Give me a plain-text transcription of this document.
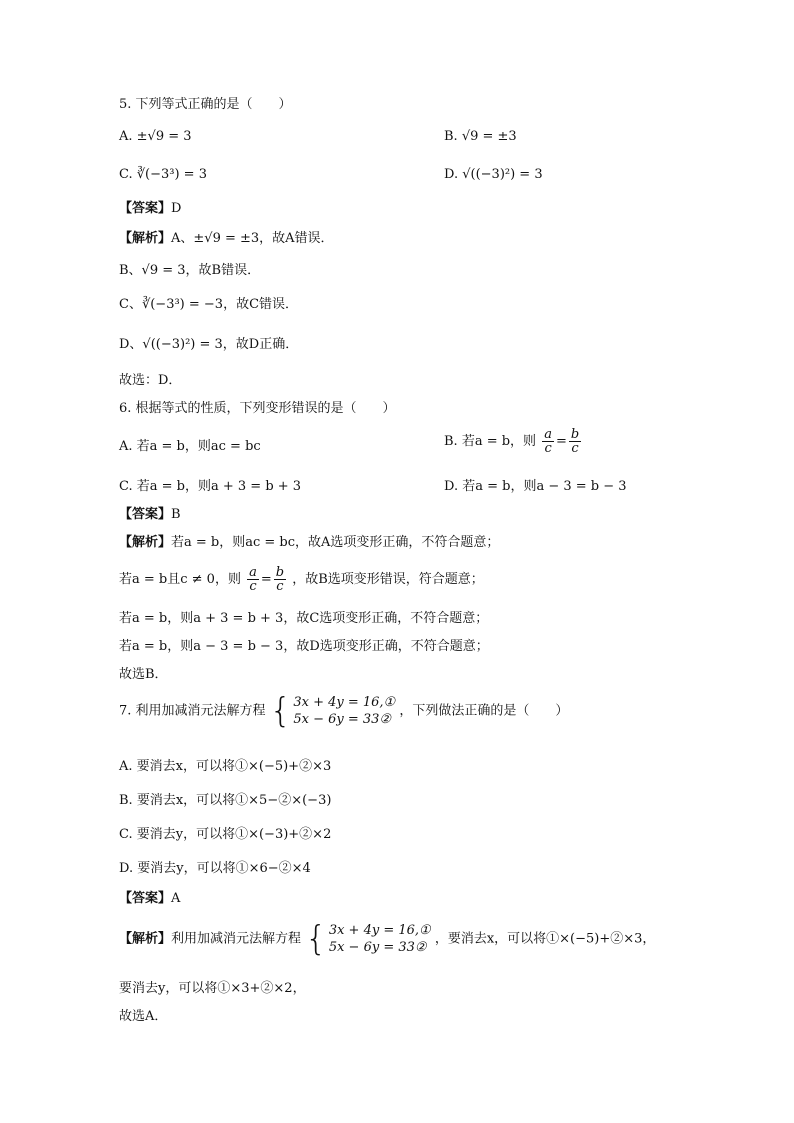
5. 下列等式正确的是（　　）
A. ±√9 = 3	B. √9 = ±3
C. ∛(−3³) = 3	D. √((−3)²) = 3
【答案】D
【解析】A、±√9 = ±3，故A错误．
B、√9 = 3，故B错误．
C、∛(−3³) = −3，故C错误．
D、√((−3)²) = 3，故D正确．
故选：D．
6. 根据等式的性质，下列变形错误的是（　　）
A. 若a = b，则ac = bc	B. 若a = b，则 $\frac{a}{c} = \frac{b}{c}$
C. 若a = b，则a + 3 = b + 3	D. 若a = b，则a − 3 = b − 3
【答案】B
【解析】若a = b，则ac = bc，故A选项变形正确，不符合题意；
若a = b且c ≠ 0，则 $\frac{a}{c} = \frac{b}{c}$ ，故B选项变形错误，符合题意；
若a = b，则a + 3 = b + 3，故C选项变形正确，不符合题意；
若a = b，则a − 3 = b − 3，故D选项变形正确，不符合题意；
故选B．
7. 利用加减消元法解方程 { 3x + 4y = 16,①
5x − 6y = 33②
，下列做法正确的是（　　）
A. 要消去x，可以将①×(−5)+②×3
B. 要消去x，可以将①×5−②×(−3)
C. 要消去y，可以将①×(−3)+②×2
D. 要消去y，可以将①×6−②×4
【答案】A
【解析】利用加减消元法解方程 { 3x + 4y = 16,①
5x − 6y = 33②
，要消去x，可以将①×(−5)+②×3，
要消去y，可以将①×3+②×2，
故选A．
